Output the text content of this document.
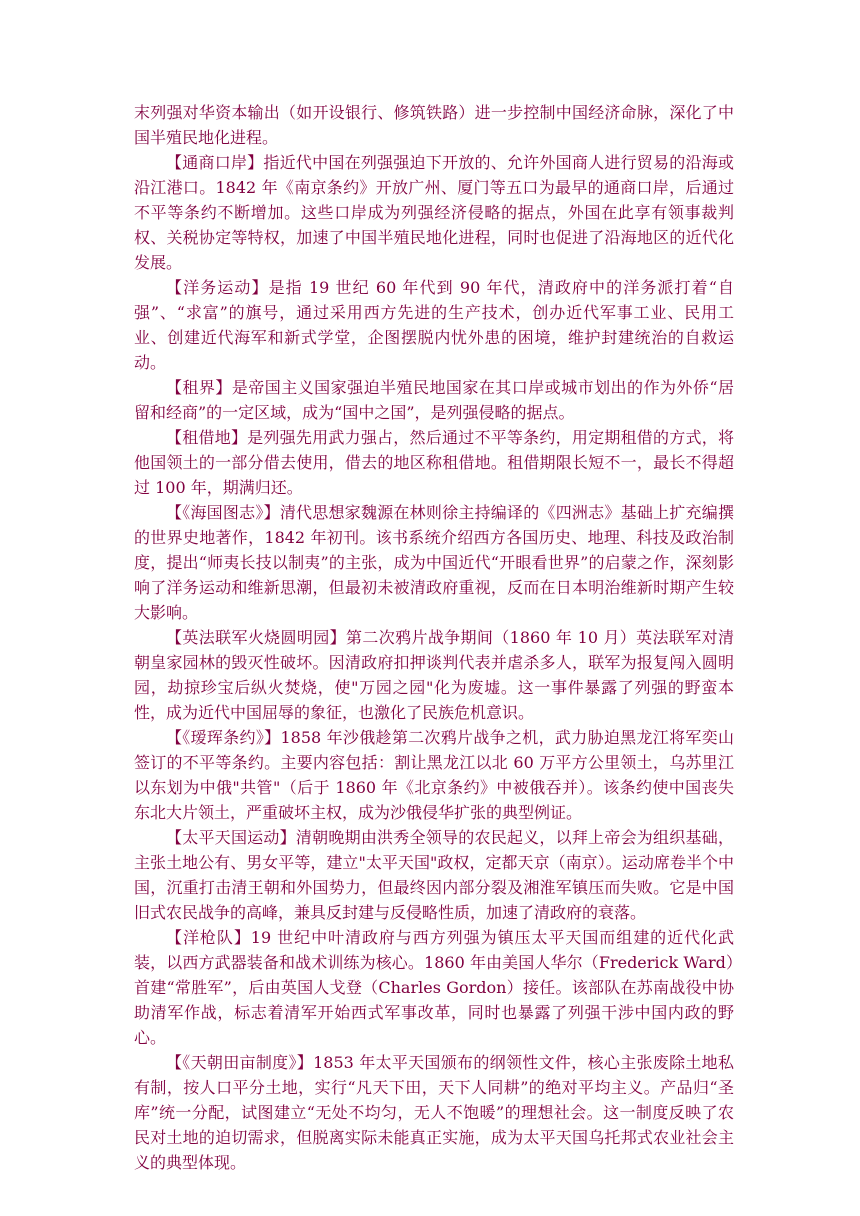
末列强对华资本输出（如开设银行、修筑铁路）进一步控制中国经济命脉，深化了中国半殖民地化进程。

【通商口岸】指近代中国在列强强迫下开放的、允许外国商人进行贸易的沿海或沿江港口。1842 年《南京条约》开放广州、厦门等五口为最早的通商口岸，后通过不平等条约不断增加。这些口岸成为列强经济侵略的据点，外国在此享有领事裁判权、关税协定等特权，加速了中国半殖民地化进程，同时也促进了沿海地区的近代化发展。

【洋务运动】是指 19 世纪 60 年代到 90 年代，清政府中的洋务派打着“自强”、“求富”的旗号，通过采用西方先进的生产技术，创办近代军事工业、民用工业、创建近代海军和新式学堂，企图摆脱内忧外患的困境，维护封建统治的自救运动。

【租界】是帝国主义国家强迫半殖民地国家在其口岸或城市划出的作为外侨“居留和经商”的一定区域，成为“国中之国”，是列强侵略的据点。

【租借地】是列强先用武力强占，然后通过不平等条约，用定期租借的方式，将他国领土的一部分借去使用，借去的地区称租借地。租借期限长短不一，最长不得超过 100 年，期满归还。

【《海国图志》】清代思想家魏源在林则徐主持编译的《四洲志》基础上扩充编撰的世界史地著作，1842 年初刊。该书系统介绍西方各国历史、地理、科技及政治制度，提出“师夷长技以制夷”的主张，成为中国近代“开眼看世界”的启蒙之作，深刻影响了洋务运动和维新思潮，但最初未被清政府重视，反而在日本明治维新时期产生较大影响。

【英法联军火烧圆明园】第二次鸦片战争期间（1860 年 10 月）英法联军对清朝皇家园林的毁灭性破坏。因清政府扣押谈判代表并虐杀多人，联军为报复闯入圆明园，劫掠珍宝后纵火焚烧，使"万园之园"化为废墟。这一事件暴露了列强的野蛮本性，成为近代中国屈辱的象征，也激化了民族危机意识。

【《瑷珲条约》】1858 年沙俄趁第二次鸦片战争之机，武力胁迫黑龙江将军奕山签订的不平等条约。主要内容包括：割让黑龙江以北 60 万平方公里领土，乌苏里江以东划为中俄"共管"（后于 1860 年《北京条约》中被俄吞并）。该条约使中国丧失东北大片领土，严重破坏主权，成为沙俄侵华扩张的典型例证。

【太平天国运动】清朝晚期由洪秀全领导的农民起义，以拜上帝会为组织基础，主张土地公有、男女平等，建立"太平天国"政权，定都天京（南京）。运动席卷半个中国，沉重打击清王朝和外国势力，但最终因内部分裂及湘淮军镇压而失败。它是中国旧式农民战争的高峰，兼具反封建与反侵略性质，加速了清政府的衰落。

【洋枪队】19 世纪中叶清政府与西方列强为镇压太平天国而组建的近代化武装，以西方武器装备和战术训练为核心。1860 年由美国人华尔（Frederick Ward）首建“常胜军”，后由英国人戈登（Charles Gordon）接任。该部队在苏南战役中协助清军作战，标志着清军开始西式军事改革，同时也暴露了列强干涉中国内政的野心。

【《天朝田亩制度》】1853 年太平天国颁布的纲领性文件，核心主张废除土地私有制，按人口平分土地，实行“凡天下田，天下人同耕”的绝对平均主义。产品归“圣库”统一分配，试图建立“无处不均匀，无人不饱暖”的理想社会。这一制度反映了农民对土地的迫切需求，但脱离实际未能真正实施，成为太平天国乌托邦式农业社会主义的典型体现。
